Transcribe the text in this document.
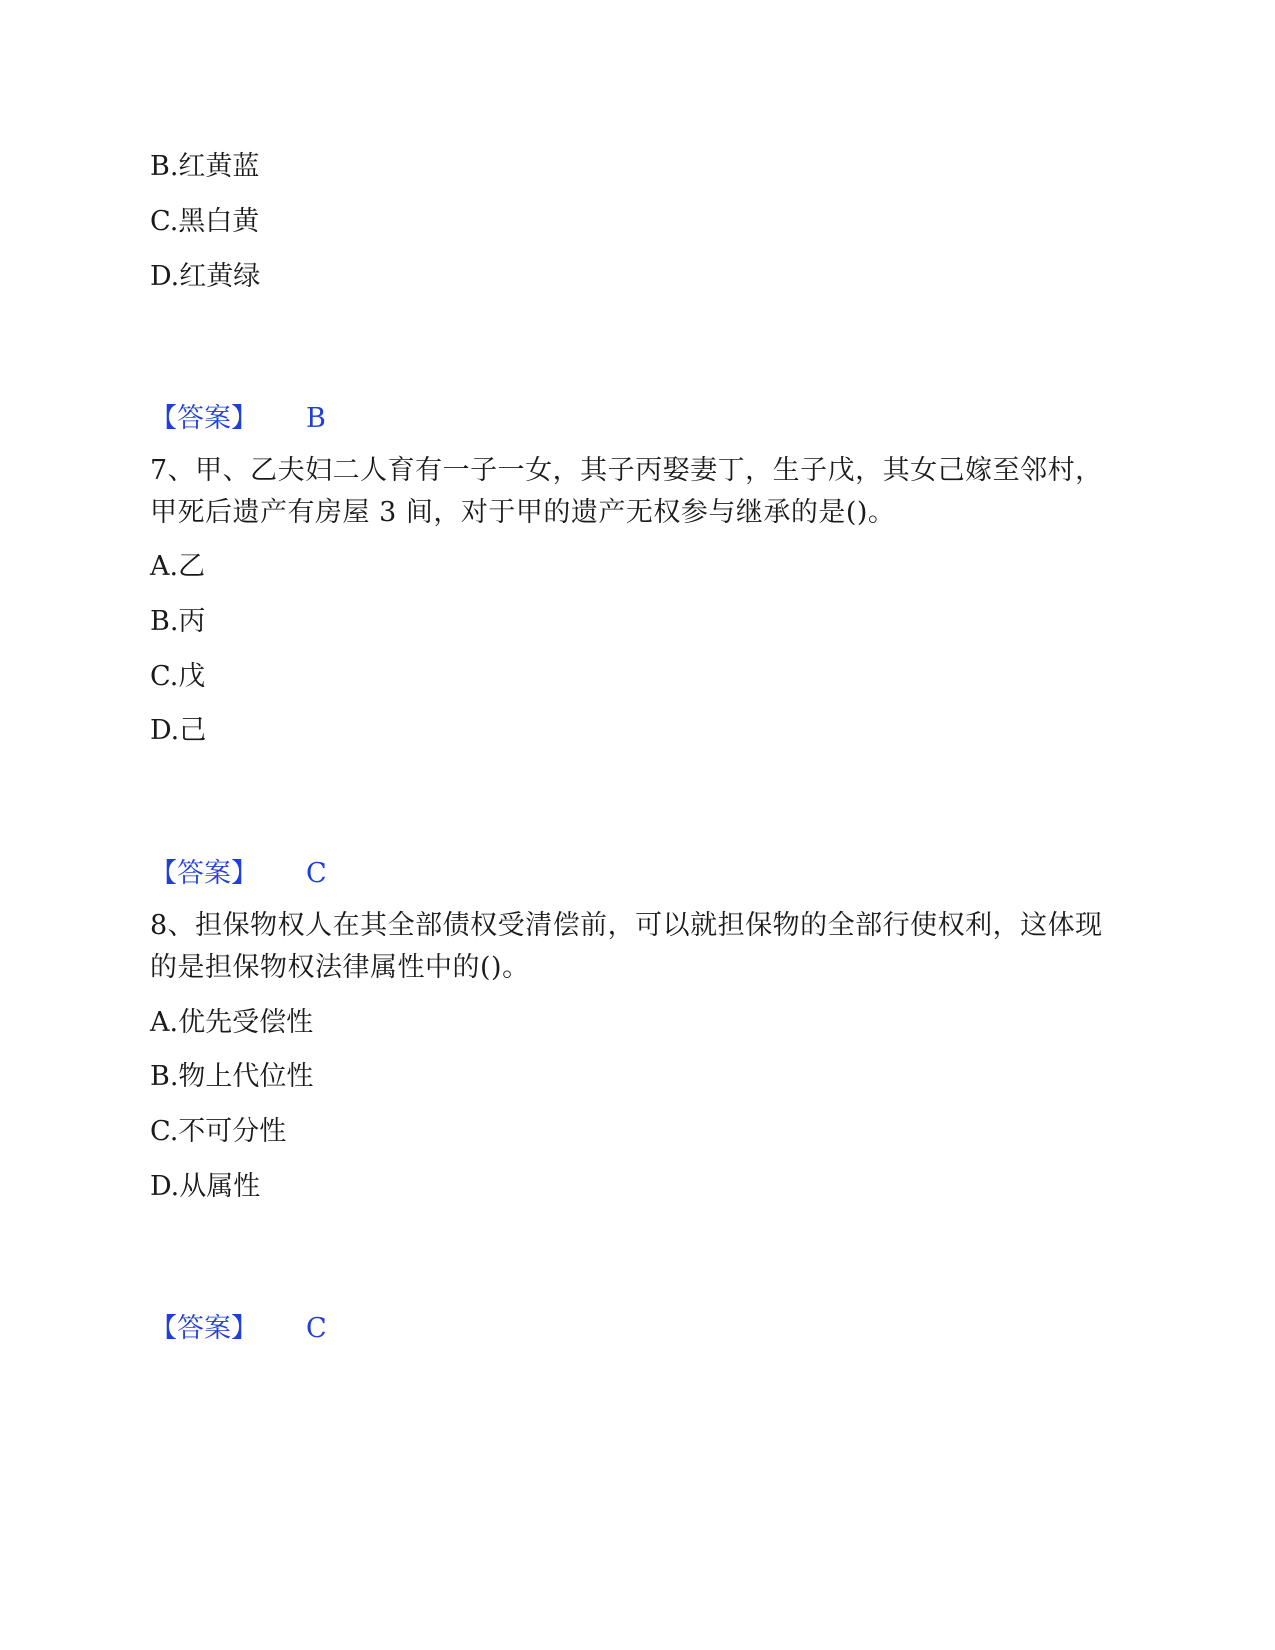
B.红黄蓝
C.黑白黄
D.红黄绿
【答案】 B
7、甲、乙夫妇二人育有一子一女，其子丙娶妻丁，生子戊，其女己嫁至邻村，甲死后遗产有房屋 3 间，对于甲的遗产无权参与继承的是()。
A.乙
B.丙
C.戊
D.己
【答案】 C
8、担保物权人在其全部债权受清偿前，可以就担保物的全部行使权利，这体现的是担保物权法律属性中的()。
A.优先受偿性
B.物上代位性
C.不可分性
D.从属性
【答案】 C
